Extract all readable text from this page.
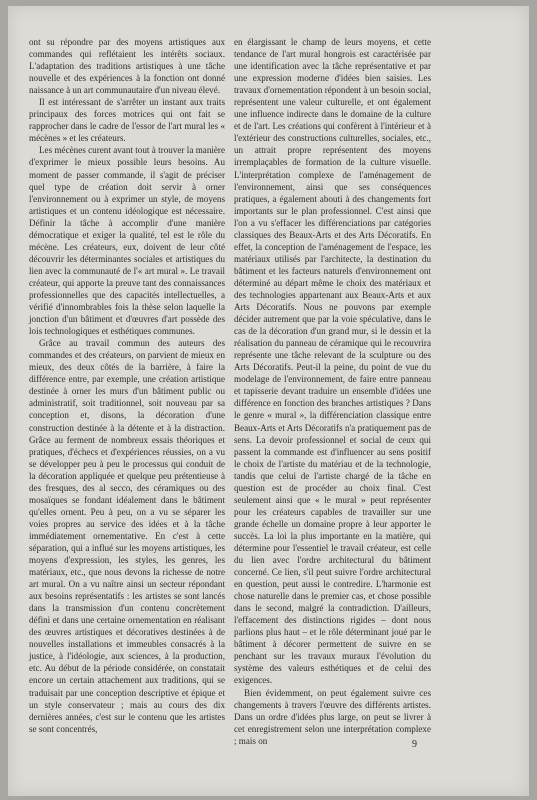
ont su répondre par des moyens artistiques aux commandes qui reflétaient les intérêts sociaux. L'adaptation des traditions artistiques à une tâche nouvelle et des expériences à la fonction ont donné naissance à un art communautaire d'un niveau élevé.

Il est intéressant de s'arrêter un instant aux traits principaux des forces motrices qui ont fait se rapprocher dans le cadre de l'essor de l'art mural les « mécènes » et les créateurs.

Les mécènes curent avant tout à trouver la manière d'exprimer le mieux possible leurs besoins. Au moment de passer commande, il s'agit de préciser quel type de création doit servir à orner l'environnement ou à exprimer un style, de moyens artistiques et un contenu idéologique est nécessaire. Définir la tâche à accomplir d'une manière démocratique et exiger la qualité, tel est le rôle du mécène. Les créateurs, eux, doivent de leur côté découvrir les déterminantes sociales et artistiques du lien avec la communauté de l'« art mural ». Le travail créateur, qui apporte la preuve tant des connaissances professionnelles que des capacités intellectuelles, a vérifié d'innombrables fois la thèse selon laquelle la jonction d'un bâtiment et d'œuvres d'art possède des lois technologiques et esthétiques communes.

Grâce au travail commun des auteurs des commandes et des créateurs, on parvient de mieux en mieux, des deux côtés de la barrière, à faire la différence entre, par exemple, une création artistique destinée à orner les murs d'un bâtiment public ou administratif, soit traditionnel, soit nouveau par sa conception et, disons, la décoration d'une construction destinée à la détente et à la distraction. Grâce au ferment de nombreux essais théoriques et pratiques, d'échecs et d'expériences réussies, on a vu se développer peu à peu le processus qui conduit de la décoration appliquée et quelque peu prétentieuse à des fresques, des al secco, des céramiques ou des mosaïques se fondant idéalement dans le bâtiment qu'elles ornent. Peu à peu, on a vu se séparer les voies propres au service des idées et à la tâche immédiatement ornementative. En c'est à cette séparation, qui a influé sur les moyens artistiques, les moyens d'expression, les styles, les genres, les matériaux, etc., que nous devons la richesse de notre art mural. On a vu naître ainsi un secteur répondant aux besoins représentatifs : les artistes se sont lancés dans la transmission d'un contenu concrètement défini et dans une certaine ornementation en réalisant des œuvres artistiques et décoratives destinées à de nouvelles installations et immeubles consacrés à la justice, à l'idéologie, aux sciences, à la production, etc. Au début de la période considérée, on constatait encore un certain attachement aux traditions, qui se traduisait par une conception descriptive et épique et un style conservateur ; mais au cours des dix dernières années, c'est sur le contenu que les artistes se sont concentrés,

en élargissant le champ de leurs moyens, et cette tendance de l'art mural hongrois est caractérisée par une identification avec la tâche représentative et par une expression moderne d'idées bien saisies. Les travaux d'ornementation répondent à un besoin social, représentent une valeur culturelle, et ont également une influence indirecte dans le domaine de la culture et de l'art. Les créations qui confèrent à l'intérieur et à l'extérieur des constructions culturelles, sociales, etc., un attrait propre représentent des moyens irremplaçables de formation de la culture visuelle. L'interprétation complexe de l'aménagement de l'environnement, ainsi que ses conséquences pratiques, a également abouti à des changements fort importants sur le plan professionnel. C'est ainsi que l'on a vu s'effacer les différenciations par catégories classiques des Beaux-Arts et des Arts Décoratifs. En effet, la conception de l'aménagement de l'espace, les matériaux utilisés par l'architecte, la destination du bâtiment et les facteurs naturels d'environnement ont déterminé au départ même le choix des matériaux et des technologies appartenant aux Beaux-Arts et aux Arts Décoratifs. Nous ne pouvons par exemple décider autrement que par la voie spéculative, dans le cas de la décoration d'un grand mur, si le dessin et la réalisation du panneau de céramique qui le recouvrira représente une tâche relevant de la sculpture ou des Arts Décoratifs. Peut-il la peine, du point de vue du modelage de l'environnement, de faire entre panneau et tapisserie devant traduire un ensemble d'idées une différence en fonction des branches artistiques ? Dans le genre « mural », la différenciation classique entre Beaux-Arts et Arts Décoratifs n'a pratiquement pas de sens. La devoir professionnel et social de ceux qui passent la commande est d'influencer au sens positif le choix de l'artiste du matériau et de la technologie, tandis que celui de l'artiste chargé de la tâche en question est de procéder au choix final. C'est seulement ainsi que « le mural » peut représenter pour les créateurs capables de travailler sur une grande échelle un domaine propre à leur apporter le succès. La loi la plus importante en la matière, qui détermine pour l'essentiel le travail créateur, est celle du lien avec l'ordre architectural du bâtiment concerné. Ce lien, s'il peut suivre l'ordre architectural en question, peut aussi le contredire. L'harmonie est chose naturelle dans le premier cas, et chose possible dans le second, malgré la contradiction. D'ailleurs, l'effacement des distinctions rigides – dont nous parlions plus haut – et le rôle déterminant joué par le bâtiment à décorer permettent de suivre en se penchant sur les travaux muraux l'évolution du système des valeurs esthétiques et de celui des exigences.

Bien évidemment, on peut également suivre ces changements à travers l'œuvre des différents artistes. Dans un ordre d'idées plus large, on peut se livrer à cet enregistrement selon une interprétation complexe ; mais on	9
